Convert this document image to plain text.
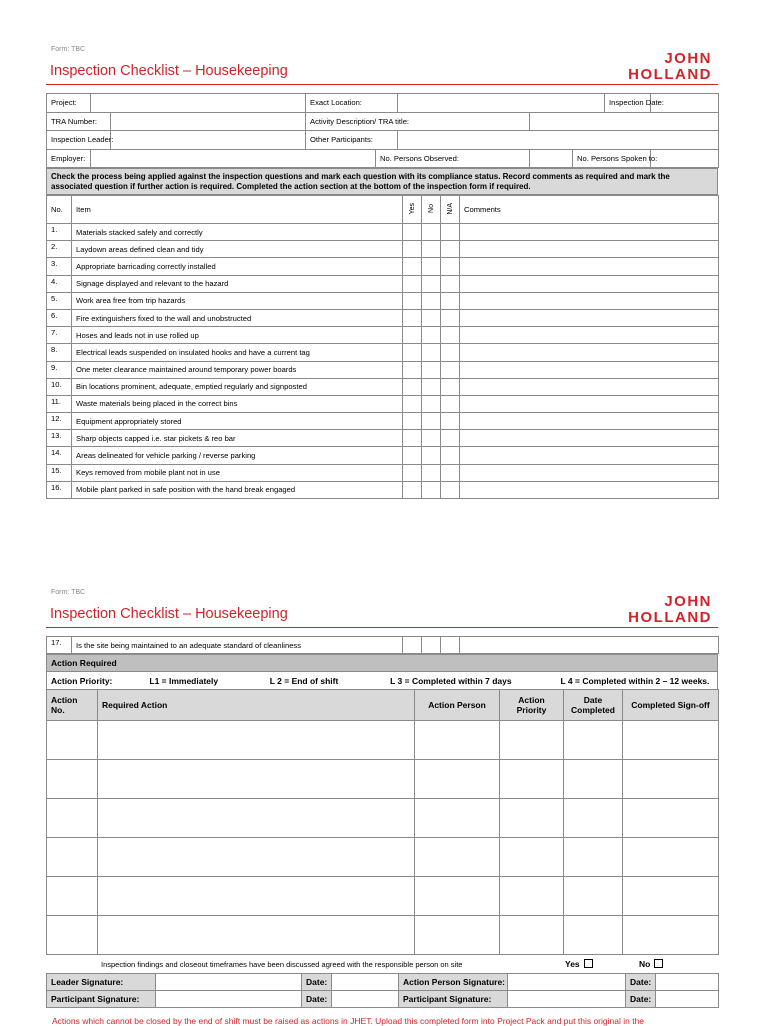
Form: TBC
Inspection Checklist – Housekeeping
JOHN
HOLLAND
Project:			Exact Location:					Inspection Date:	
TRA Number:			Activity Description/ TRA title:						
Inspection Leader:			Other Participants:						
Employer:				No. Persons Observed:			No. Persons Spoken to:		
Check the process being applied against the inspection questions and mark each question with its compliance status. Record comments as required and mark the associated question if further action is required. Completed the action section at the bottom of the inspection form if required.
No.	Item	Yes	No	N/A	Comments
1.	Materials stacked safely and correctly				
2.	Laydown areas defined clean and tidy				
3.	Appropriate barricading correctly installed				
4.	Signage displayed and relevant to the hazard				
5.	Work area free from trip hazards				
6.	Fire extinguishers fixed to the wall and unobstructed				
7.	Hoses and leads not in use rolled up				
8.	Electrical leads suspended on insulated hooks and have a current tag				
9.	One meter clearance maintained around temporary power boards				
10.	Bin locations prominent, adequate, emptied regularly and signposted				
11.	Waste materials being placed in the correct bins				
12.	Equipment appropriately stored				
13.	Sharp objects capped i.e. star pickets & reo bar				
14.	Areas delineated for vehicle parking / reverse parking				
15.	Keys removed from mobile plant not in use				
16.	Mobile plant parked in safe position with the hand break engaged				
Form: TBC
Inspection Checklist – Housekeeping
JOHN
HOLLAND
17.	Is the site being maintained to an adequate standard of cleanliness				
Action Required
Action Priority:	L1 = Immediately	L 2 = End of shift	L 3 = Completed within 7 days	L 4 = Completed within 2 – 12 weeks.
Action No.	Required Action	Action Person	Action Priority	Date Completed	Completed Sign-off

Inspection findings and closeout timeframes have been discussed agreed with the responsible person on site	Yes	No
Leader Signature:		Date:		Action Person Signature:		Date:	
Participant Signature:		Date:		Participant Signature:		Date:	
Actions which cannot be closed by the end of shift must be raised as actions in JHET. Upload this completed form into Project Pack and put this original in the
